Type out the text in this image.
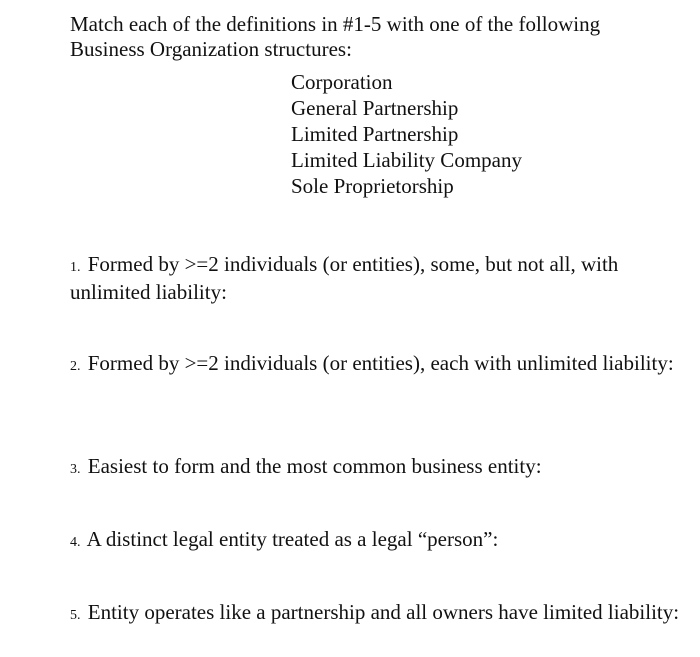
Match each of the definitions in #1-5 with one of the following

Business Organization structures:

Corporation
General Partnership
Limited Partnership
Limited Liability Company
Sole Proprietorship
1. Formed by >=2 individuals (or entities), some, but not all, with unlimited liability:
2. Formed by >=2 individuals (or entities), each with unlimited liability:
3. Easiest to form and the most common business entity:
4. A distinct legal entity treated as a legal “person”:
5. Entity operates like a partnership and all owners have limited liability:
